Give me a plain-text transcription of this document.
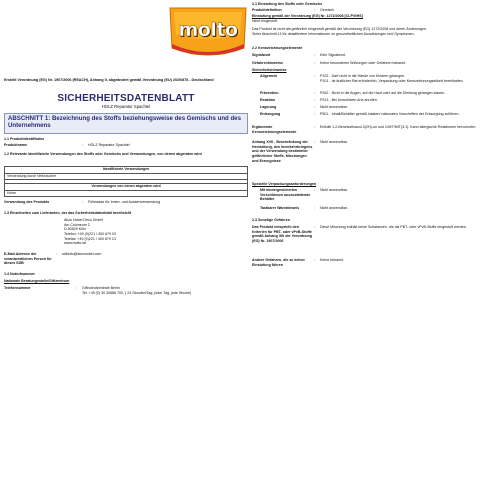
molto
Erstellt Verordnung (EG) Nr. 1907/2006 (REACH), Anhang II, abgeändert gemäß Verordnung (EU) 2020/878 - Deutschland
SICHERHEITSDATENBLATT
HOLZ Reparatur Spachtel
ABSCHNITT 1: Bezeichnung des Stoffs beziehungsweise des Gemischs und des Unternehmens
1.1 Produktidentifikator
Produktname	:	HOLZ Reparatur Spachtel
1.2 Relevante identifizierte Verwendungen des Stoffs oder Gemischs und Verwendungen, von denen abgeraten wird
Identifizierte Verwendungen
Verwendung durch Verbraucher

Verwendungen von denen abgeraten wird
Keine
Verwendung des Produkts	:	Füllmasse für Innen- und Aussenverwendung
1.3 Einzelheiten zum Lieferanten, der das Sicherheitsdatenblatt bereitstellt
Akzo Nobel Deco GmbH
Am Coloneum 2
D-50829 Köln
Telefon: +49 (0)221 / 400 679 03
Telefax: +49 (0)221 / 400 679 13
www.molto.de
E-Mail-Adresse der verantwortlichen Person für dieses SDB
:	sdbinfo@akzonobel.com
1.4 Notrufnummer
Nationale Beratungsstelle/Giftzentrum
Telefonnummer	:	Giftnotrufzentrale Berlin
Tel: +49 (0) 30 30686 700, ( 24 Stunden/Tag, jeder Tag, jede Woche)
2.1 Einstufung des Stoffs oder Gemischs
Produktdefinition	:	Gemisch
Einstufung gemäß der Verordnung (EG) Nr. 1272/2008 [CLP/GHS]
Nicht eingestuft.
Das Produkt ist nicht als gefährlich eingestuft gemäß der Verordnung (EG) 1272/2008 und deren Änderungen.
Siehe Abschnitt 11 für detailliertere Informationen zu gesundheitlichen Auswirkungen und Symptomen.
2.2 Kennzeichnungselemente
Signalwort	:	Kein Signalwort.
Gefahrenhinweise	:	Keine besonderen Wirkungen oder Gefahren bekannt.
Sicherheitshinweise
Allgemein	:	P102 - Darf nicht in die Hände von Kindern gelangen.
P101 - Ist ärztlicher Rat erforderlich, Verpackung oder Kennzeichnungsetikett bereithalten.
Prävention	:	P262 - Nicht in die Augen, auf die Haut oder auf die Kleidung gelangen lassen.
Reaktion	:	P313 - Bei Unwohlsein Arzt anrufen.
Lagerung	:	Nicht anwendbar.
Entsorgung	:	P501 - Inhalt/Behälter gemäß lokalen/ nationalen Vorschriften der Entsorgung zuführen.
Ergänzende Kennzeichnungselemente
:	Enthält 1,2-Benzisothiazol-3(2H)-on und CMIT/MIT(3:1). Kann allergische Reaktionen hervorrufen.
Anhang XVII - Beschränkung der Herstellung, des Inverkehrbringens und der Verwendung bestimmter gefährlicher Stoffe, Mischungen und Erzeugnisse
:	Nicht anwendbar.
Spezielle Verpackungsanforderungen
Mit kindergesicherten Verschlüssen auszustattende Behälter
:	Nicht anwendbar.
Tastbarer Warnhinweis	:	Nicht anwendbar.
2.3 Sonstige Gefahren
Das Produkt entspricht den Kriterien für PBT- oder vPvB-Stoffe gemäß Anhang XIII der Verordnung (EG) Nr. 1907/2006
:	Diese Mischung enthält keine Substanzen, die als PBT- oder vPvB-Stoffe eingestuft werden.
Andere Gefahren, die zu keiner Einstufung führen
:	Keine bekannt.
